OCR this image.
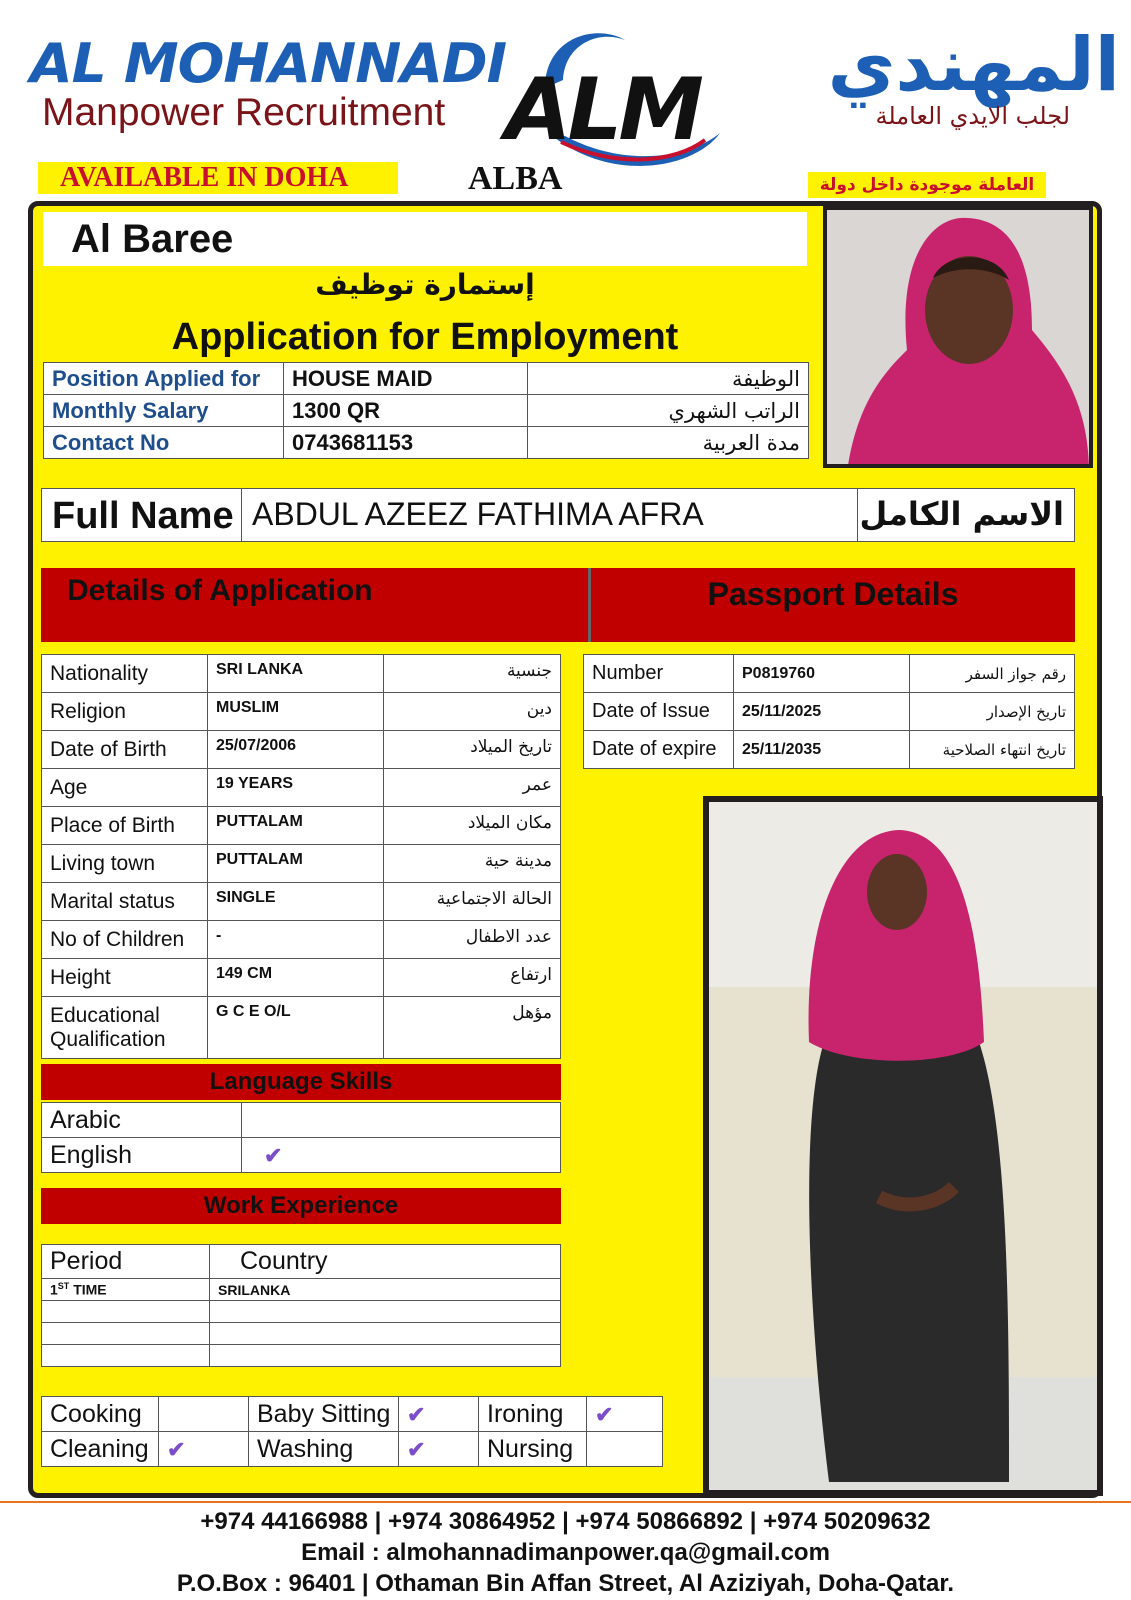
AL MOHANNADI
Manpower Recruitment ALM	المهندي
لجلب الايدي العاملة
AVAILABLE IN DOHA	ALBA	العاملة موجودة داخل دولة
Al Baree
إستمارة توظيف
Application for Employment
Position Applied for	HOUSE MAID	الوظيفة
Monthly Salary	1300 QR	الراتب الشهري
Contact No	0743681153	مدة العربية
Full Name ABDUL AZEEZ FATHIMA AFRA	الاسم الكامل
Details of Application	Passport Details
Nationality	SRI LANKA	جنسية
Religion	MUSLIM	دين
Date of Birth	25/07/2006	تاريخ الميلاد
Age	19 YEARS	عمر
Place of Birth	PUTTALAM	مكان الميلاد
Living town	PUTTALAM	مدينة حية
Marital status	SINGLE	الحالة الاجتماعية
No of Children	-	عدد الاطفال
Height	149 CM	ارتفاع

Educational
Qualification	G C E O/L	مؤهل
Number	P0819760	رقم جواز السفر
Date of Issue	25/11/2025	تاريخ الإصدار
Date of expire	25/11/2035	تاريخ انتهاء الصلاحية
Language Skills
Arabic	
English	✔
Work Experience
Period	Country
1ST TIME	SRILANKA

Cooking		Baby Sitting	✔	Ironing	✔
Cleaning	✔	Washing	✔	Nursing	
+974 44166988 | +974 30864952 | +974 50866892 | +974 50209632
Email : almohannadimanpower.qa@gmail.com
P.O.Box : 96401 | Othaman Bin Affan Street, Al Aziziyah, Doha-Qatar.
